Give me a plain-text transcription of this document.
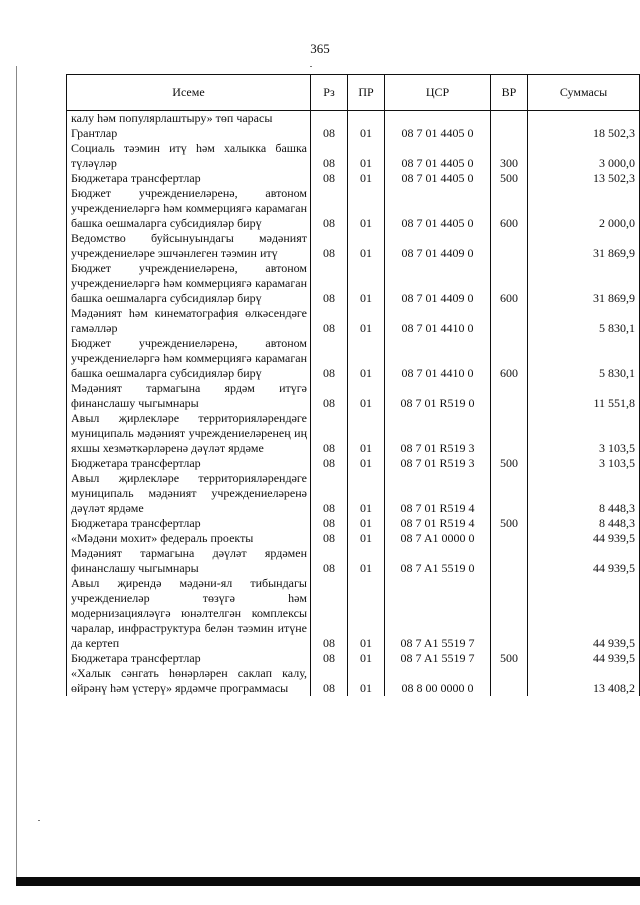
365
Исеме	Рз	ПР	ЦСР	ВР	Суммасы
калу һәм популярлаштыру» төп чарасы					
Грантлар	08	01	08 7 01 4405 0		18 502,3
Социаль тәэмин итү һәм халыкка башка түләүләр	08	01	08 7 01 4405 0	300	3 000,0
Бюджетара трансфертлар	08	01	08 7 01 4405 0	500	13 502,3
Бюджет учреждениеләренә, автоном учреждениеләргә һәм коммерциягә карамаган башка оешмаларга субсидияләр бирү	08	01	08 7 01 4405 0	600	2 000,0
Ведомство буйсынуындагы мәдәният учреждениеләре эшчәнлеген тәэмин итү	08	01	08 7 01 4409 0		31 869,9
Бюджет учреждениеләренә, автоном учреждениеләргә һәм коммерциягә карамаган башка оешмаларга субсидияләр бирү	08	01	08 7 01 4409 0	600	31 869,9
Мәдәният һәм кинематография өлкәсендәге гамәлләр	08	01	08 7 01 4410 0		5 830,1
Бюджет учреждениеләренә, автоном учреждениеләргә һәм коммерциягә карамаган башка оешмаларга субсидияләр бирү	08	01	08 7 01 4410 0	600	5 830,1
Мәдәният тармагына ярдәм итүгә финанслашу чыгымнары	08	01	08 7 01 R519 0		11 551,8
Авыл җирлекләре территорияләрендәге муниципаль мәдәният учреждениеләренең иң яхшы хезмәткәрләренә дәүләт ярдәме	08	01	08 7 01 R519 3		3 103,5
Бюджетара трансфертлар	08	01	08 7 01 R519 3	500	3 103,5
Авыл җирлекләре территорияләрендәге муниципаль мәдәният учреждениеләренә дәүләт ярдәме	08	01	08 7 01 R519 4		8 448,3
Бюджетара трансфертлар	08	01	08 7 01 R519 4	500	8 448,3
«Мәдәни мохит» федераль проекты	08	01	08 7 A1 0000 0		44 939,5
Мәдәният тармагына дәүләт ярдәмен финанслашу чыгымнары	08	01	08 7 A1 5519 0		44 939,5
Авыл җирендә мәдәни-ял тибындагы учреждениеләр төзүгә һәм модернизацияләүгә юнәлтелгән комплексы чаралар, инфраструктура белән тәэмин итүне да кертеп	08	01	08 7 A1 5519 7		44 939,5
Бюджетара трансфертлар	08	01	08 7 A1 5519 7	500	44 939,5
«Халык сәнгать һөнәрләрен саклап калу, өйрәнү һәм үстерү» ярдәмче программасы	08	01	08 8 00 0000 0		13 408,2
